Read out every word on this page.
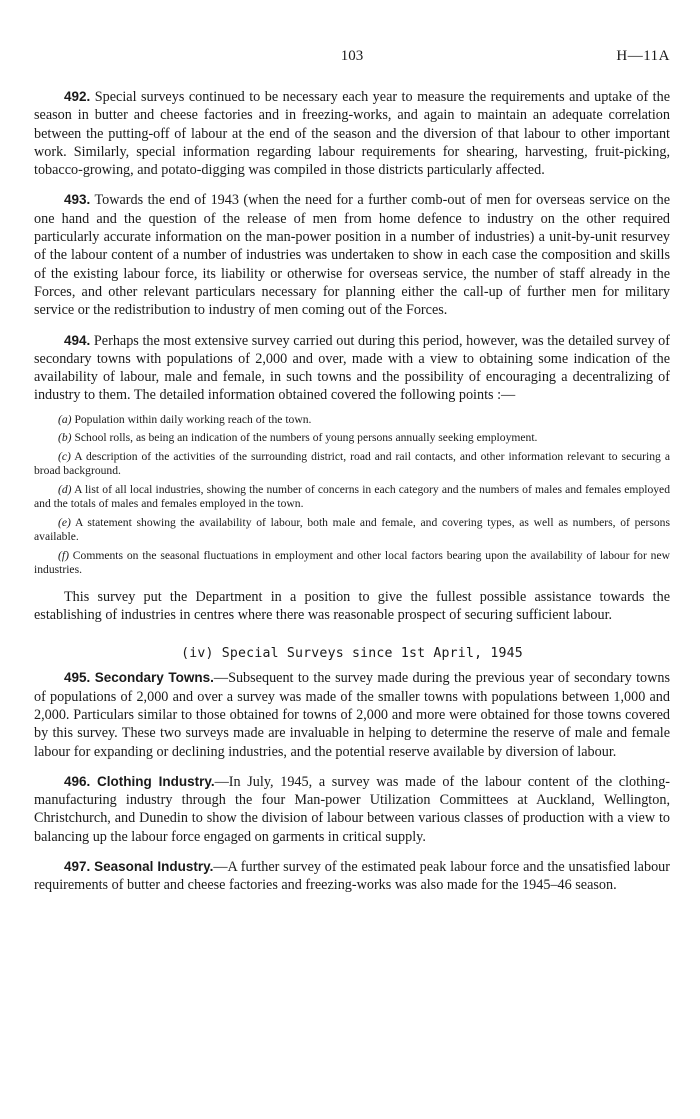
103	H—11A

492. Special surveys continued to be necessary each year to measure the requirements and uptake of the season in butter and cheese factories and in freezing-works, and again to maintain an adequate correlation between the putting-off of labour at the end of the season and the diversion of that labour to other important work. Similarly, special information regarding labour requirements for shearing, harvesting, fruit-picking, tobacco-growing, and potato-digging was compiled in those districts particularly affected.

493. Towards the end of 1943 (when the need for a further comb-out of men for overseas service on the one hand and the question of the release of men from home defence to industry on the other required particularly accurate information on the man-power position in a number of industries) a unit-by-unit resurvey of the labour content of a number of industries was undertaken to show in each case the composition and skills of the existing labour force, its liability or otherwise for overseas service, the number of staff already in the Forces, and other relevant particulars necessary for planning either the call-up of further men for military service or the redistribution to industry of men coming out of the Forces.

494. Perhaps the most extensive survey carried out during this period, however, was the detailed survey of secondary towns with populations of 2,000 and over, made with a view to obtaining some indication of the availability of labour, male and female, in such towns and the possibility of encouraging a decentralizing of industry to them. The detailed information obtained covered the following points :—

(a) Population within daily working reach of the town.
(b) School rolls, as being an indication of the numbers of young persons annually seeking employment.
(c) A description of the activities of the surrounding district, road and rail contacts, and other information relevant to securing a broad background.
(d) A list of all local industries, showing the number of concerns in each category and the numbers of males and females employed and the totals of males and females employed in the town.
(e) A statement showing the availability of labour, both male and female, and covering types, as well as numbers, of persons available.
(f) Comments on the seasonal fluctuations in employment and other local factors bearing upon the availability of labour for new industries.

This survey put the Department in a position to give the fullest possible assistance towards the establishing of industries in centres where there was reasonable prospect of securing sufficient labour.

(iv) Special Surveys since 1st April, 1945

495. Secondary Towns.—Subsequent to the survey made during the previous year of secondary towns of populations of 2,000 and over a survey was made of the smaller towns with populations between 1,000 and 2,000. Particulars similar to those obtained for towns of 2,000 and more were obtained for those towns covered by this survey. These two surveys made are invaluable in helping to determine the reserve of male and female labour for expanding or declining industries, and the potential reserve available by diversion of labour.

496. Clothing Industry.—In July, 1945, a survey was made of the labour content of the clothing-manufacturing industry through the four Man-power Utilization Committees at Auckland, Wellington, Christchurch, and Dunedin to show the division of labour between various classes of production with a view to balancing up the labour force engaged on garments in critical supply.

497. Seasonal Industry.—A further survey of the estimated peak labour force and the unsatisfied labour requirements of butter and cheese factories and freezing-works was also made for the 1945–46 season.
